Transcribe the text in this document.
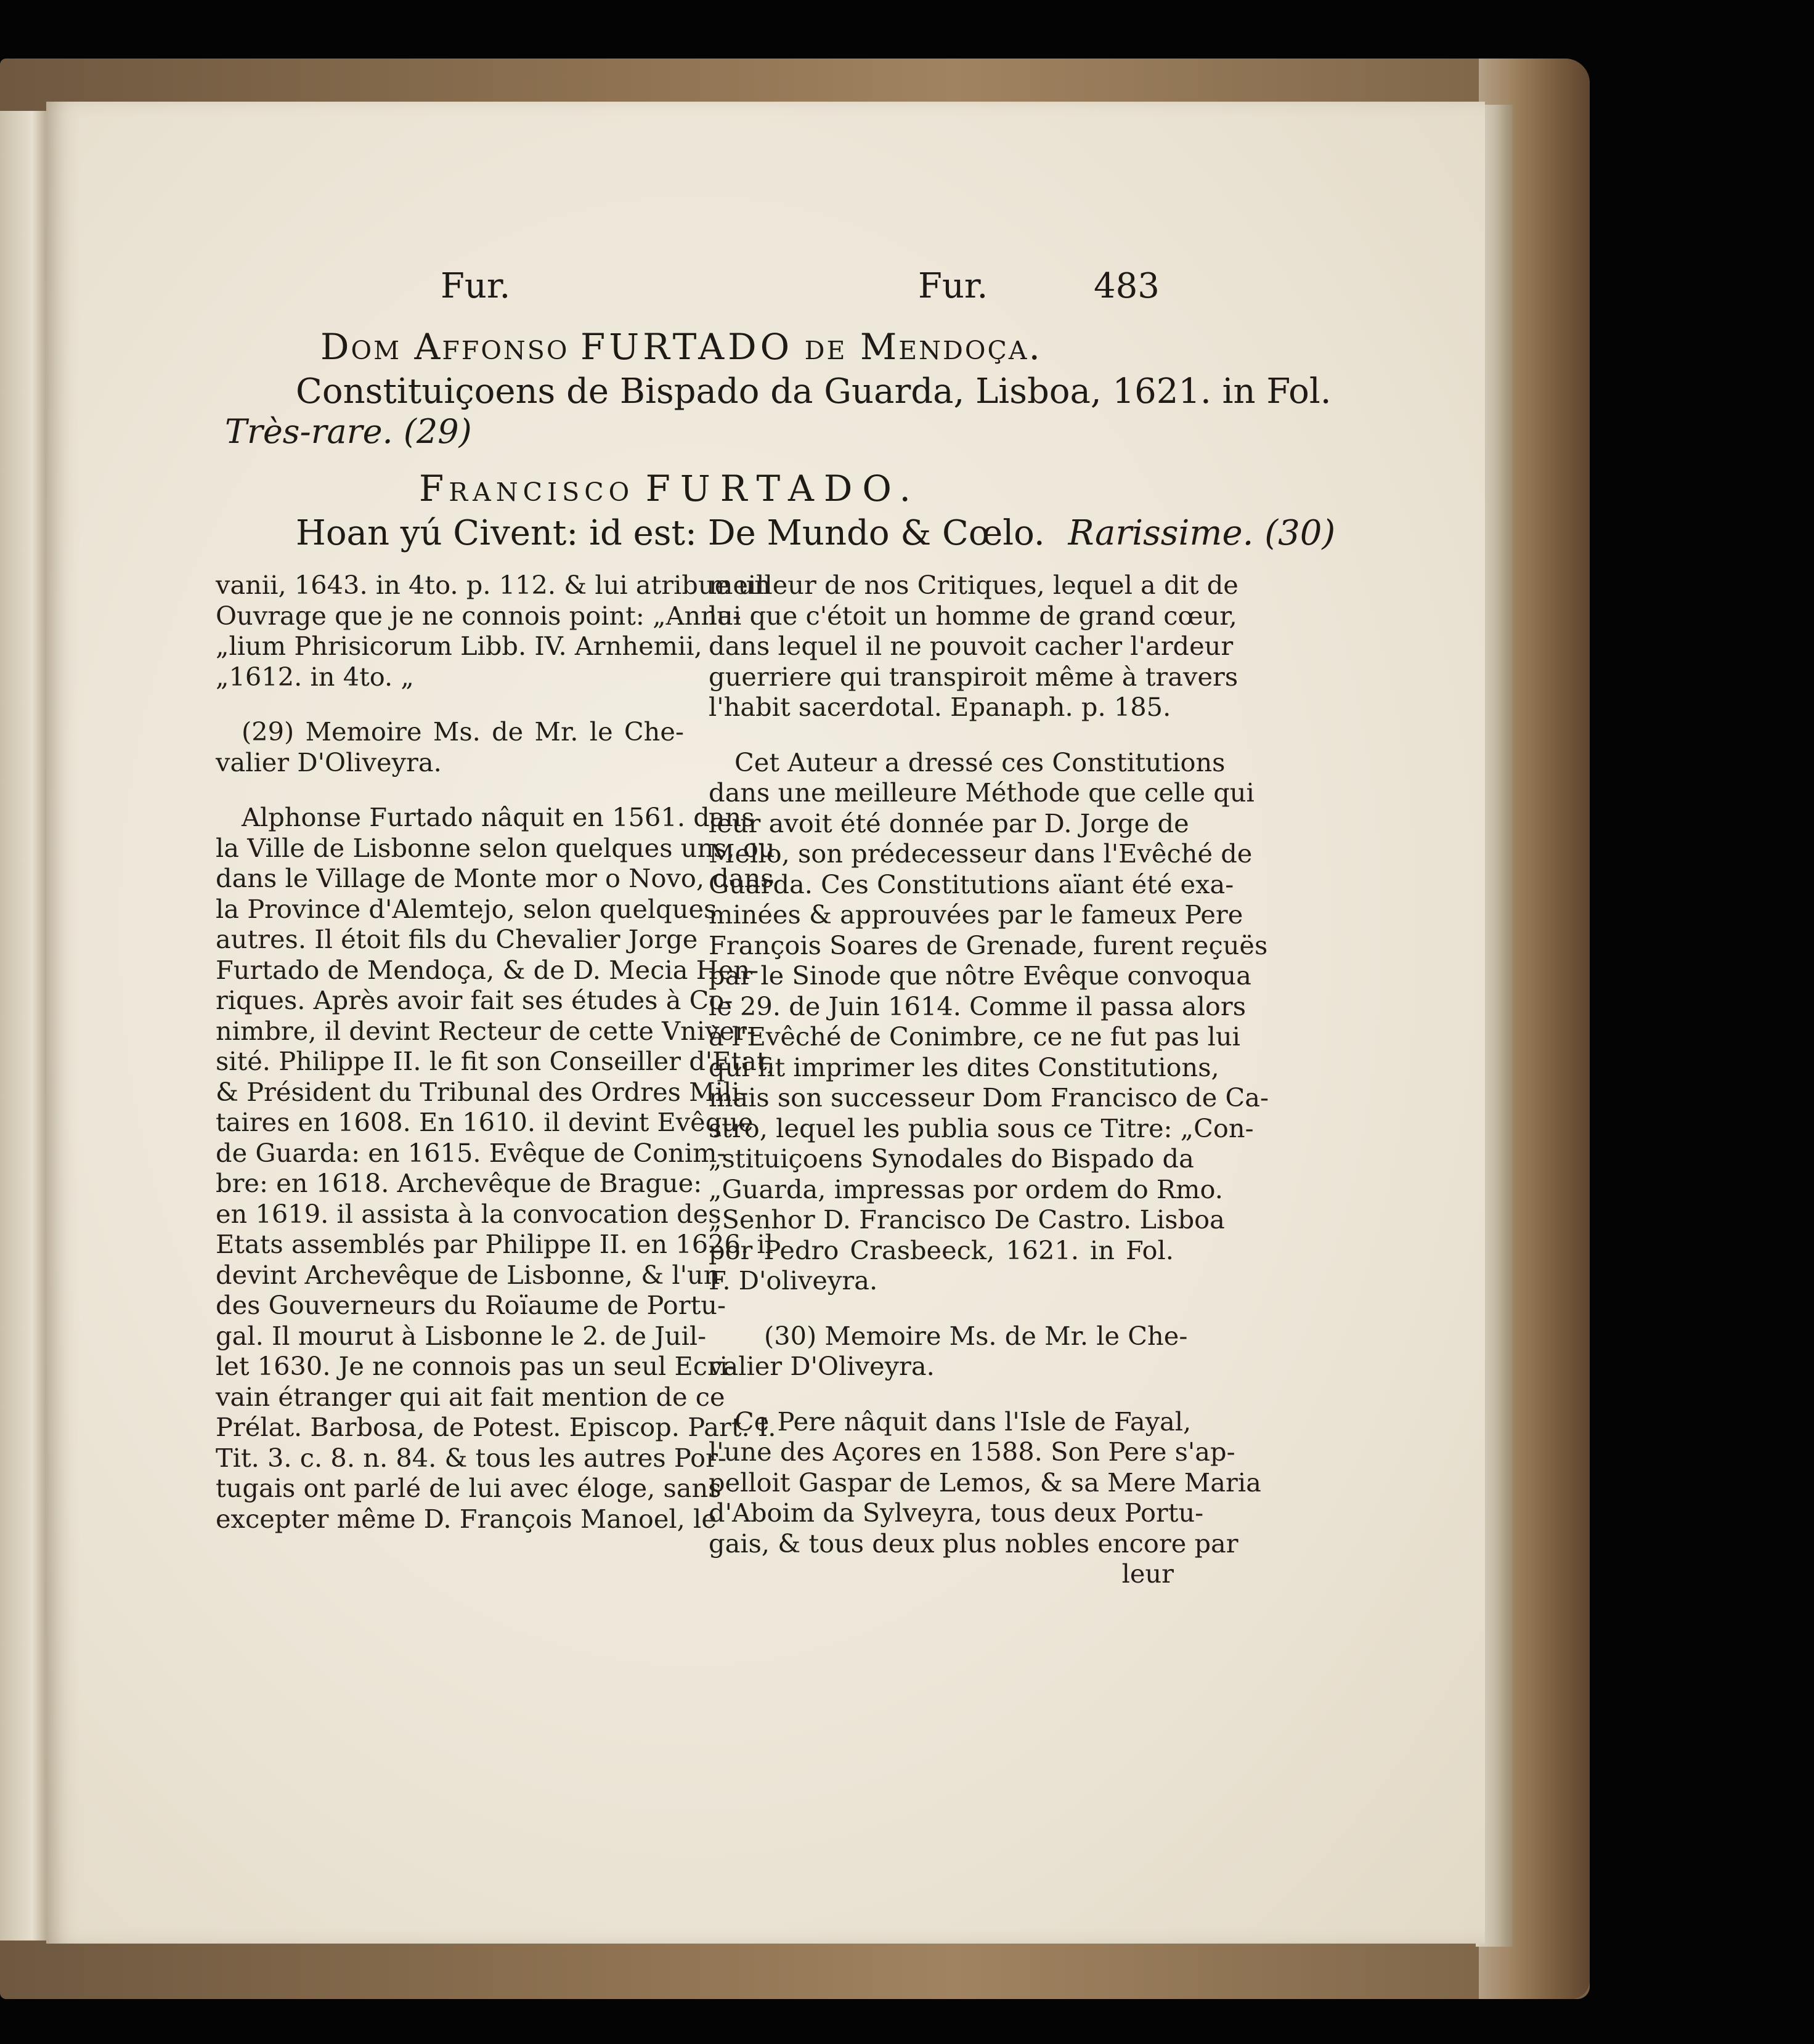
Fur.	Fur.	483
Dom Affonso FURTADO de Mendoça.
Constituiçoens de Bispado da Guarda, Lisboa, 1621. in Fol.
Très-rare. (29)
Francisco FURTADO.
Hoan yú Civent: id est: De Mundo & Cœlo. Rarissime. (30)
vanii, 1643. in 4to. p. 112. & lui atribue un
Ouvrage que je ne connois point: „Anna-
„lium Phrisicorum Libb. IV. Arnhemii,
„1612. in 4to. „
(29) Memoire Ms. de Mr. le Che-
valier D'Oliveyra.
Alphonse Furtado nâquit en 1561. dans
la Ville de Lisbonne selon quelques uns, ou
dans le Village de Monte mor o Novo, dans
la Province d'Alemtejo, selon quelques
autres. Il étoit fils du Chevalier Jorge
Furtado de Mendoça, & de D. Mecia Hen-
riques. Après avoir fait ses études à Co-
nimbre, il devint Recteur de cette Vniver-
sité. Philippe II. le fit son Conseiller d'Etat,
& Président du Tribunal des Ordres Mili-
taires en 1608. En 1610. il devint Evêque
de Guarda: en 1615. Evêque de Conim-
bre: en 1618. Archevêque de Brague:
en 1619. il assista à la convocation des
Etats assemblés par Philippe II. en 1626. il
devint Archevêque de Lisbonne, & l'un
des Gouverneurs du Roïaume de Portu-
gal. Il mourut à Lisbonne le 2. de Juil-
let 1630. Je ne connois pas un seul Ecri-
vain étranger qui ait fait mention de ce
Prélat. Barbosa, de Potest. Episcop. Part. I.
Tit. 3. c. 8. n. 84. & tous les autres Por-
tugais ont parlé de lui avec éloge, sans
excepter même D. François Manoel, le
meilleur de nos Critiques, lequel a dit de
lui que c'étoit un homme de grand cœur,
dans lequel il ne pouvoit cacher l'ardeur
guerriere qui transpiroit même à travers
l'habit sacerdotal. Epanaph. p. 185.
Cet Auteur a dressé ces Constitutions
dans une meilleure Méthode que celle qui
leur avoit été donnée par D. Jorge de
Mello, son prédecesseur dans l'Evêché de
Guarda. Ces Constitutions aïant été exa-
minées & approuvées par le fameux Pere
François Soares de Grenade, furent reçuës
par le Sinode que nôtre Evêque convoqua
le 29. de Juin 1614. Comme il passa alors
à l'Evêché de Conimbre, ce ne fut pas lui
qui fit imprimer les dites Constitutions,
mais son successeur Dom Francisco de Ca-
stro, lequel les publia sous ce Titre: „Con-
„stituiçoens Synodales do Bispado da
„Guarda, impressas por ordem do Rmo.
„Senhor D. Francisco De Castro. Lisboa
por Pedro Crasbeeck, 1621. in Fol.
F. D'oliveyra.
(30) Memoire Ms. de Mr. le Che-
valier D'Oliveyra.
Ce Pere nâquit dans l'Isle de Fayal,
l'une des Açores en 1588. Son Pere s'ap-
pelloit Gaspar de Lemos, & sa Mere Maria
d'Aboim da Sylveyra, tous deux Portu-
gais, & tous deux plus nobles encore par
leur
